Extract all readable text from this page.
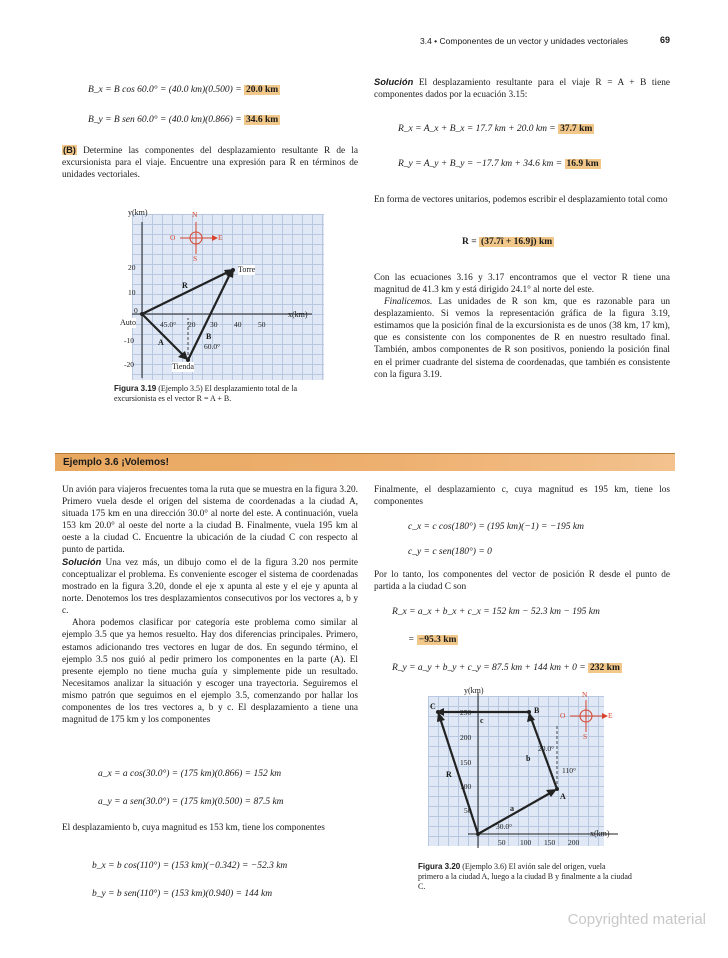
3.4 • Componentes de un vector y unidades vectoriales	69
B_x = B cos 60.0° = (40.0 km)(0.500) = 20.0 km
B_y = B sen 60.0° = (40.0 km)(0.866) = 34.6 km
(B) Determine las componentes del desplazamiento resultante R de la excursionista para el viaje. Encuentre una expresión para R en términos de unidades vectoriales.
y(km)
x(km)
N
S
E
O
20
10
0
-10
-20
20 30 40 50
Torre
Auto
Tienda
R
A
B
45.0°
60.0°
Figura 3.19 (Ejemplo 3.5) El desplazamiento total de la excursionista es el vector R = A + B.
Solución El desplazamiento resultante para el viaje R = A + B tiene componentes dados por la ecuación 3.15:
R_x = A_x + B_x = 17.7 km + 20.0 km = 37.7 km
R_y = A_y + B_y = −17.7 km + 34.6 km = 16.9 km
En forma de vectores unitarios, podemos escribir el desplazamiento total como
R = (37.7î + 16.9ĵ) km

Con las ecuaciones 3.16 y 3.17 encontramos que el vector R tiene una magnitud de 41.3 km y está dirigido 24.1° al norte del este.

Finalicemos. Las unidades de R son km, que es razonable para un desplazamiento. Si vemos la representación gráfica de la figura 3.19, estimamos que la posición final de la excursionista es de unos (38 km, 17 km), que es consistente con los componentes de R en nuestro resultado final. También, ambos componentes de R son positivos, poniendo la posición final en el primer cuadrante del sistema de coordenadas, que también es consistente con la figura 3.19.

Ejemplo 3.6 ¡Volemos!
Un avión para viajeros frecuentes toma la ruta que se muestra en la figura 3.20. Primero vuela desde el origen del sistema de coordenadas a la ciudad A, situada 175 km en una dirección 30.0° al norte del este. A continuación, vuela 153 km 20.0° al oeste del norte a la ciudad B. Finalmente, vuela 195 km al oeste a la ciudad C. Encuentre la ubicación de la ciudad C con respecto al punto de partida.

Solución Una vez más, un dibujo como el de la figura 3.20 nos permite conceptualizar el problema. Es conveniente escoger el sistema de coordenadas mostrado en la figura 3.20, donde el eje x apunta al este y el eje y apunta al norte. Denotemos los tres desplazamientos consecutivos por los vectores a, b y c.

Ahora podemos clasificar por categoría este problema como similar al ejemplo 3.5 que ya hemos resuelto. Hay dos diferencias principales. Primero, estamos adicionando tres vectores en lugar de dos. En segundo término, el ejemplo 3.5 nos guió al pedir primero los componentes en la parte (A). El presente ejemplo no tiene mucha guía y simplemente pide un resultado. Necesitamos analizar la situación y escoger una trayectoria. Seguiremos el mismo patrón que seguimos en el ejemplo 3.5, comenzando por hallar los componentes de los tres vectores a, b y c. El desplazamiento a tiene una magnitud de 175 km y los componentes

a_x = a cos(30.0°) = (175 km)(0.866) = 152 km
a_y = a sen(30.0°) = (175 km)(0.500) = 87.5 km
El desplazamiento b, cuya magnitud es 153 km, tiene los componentes
b_x = b cos(110°) = (153 km)(−0.342) = −52.3 km
b_y = b sen(110°) = (153 km)(0.940) = 144 km
Finalmente, el desplazamiento c, cuya magnitud es 195 km, tiene los componentes
c_x = c cos(180°) = (195 km)(−1) = −195 km
c_y = c sen(180°) = 0
Por lo tanto, los componentes del vector de posición R desde el punto de partida a la ciudad C son
R_x = a_x + b_x + c_x = 152 km − 52.3 km − 195 km
= −95.3 km
R_y = a_y + b_y + c_y = 87.5 km + 144 km + 0 = 232 km
y(km)
x(km)
N
S
E
O
250
200
150
100
50
50 100 150 200
C	B
A
c
b
a
R
20.0°
110°
30.0°
Figura 3.20 (Ejemplo 3.6) El avión sale del origen, vuela primero a la ciudad A, luego a la ciudad B y finalmente a la ciudad C.
Copyrighted material
